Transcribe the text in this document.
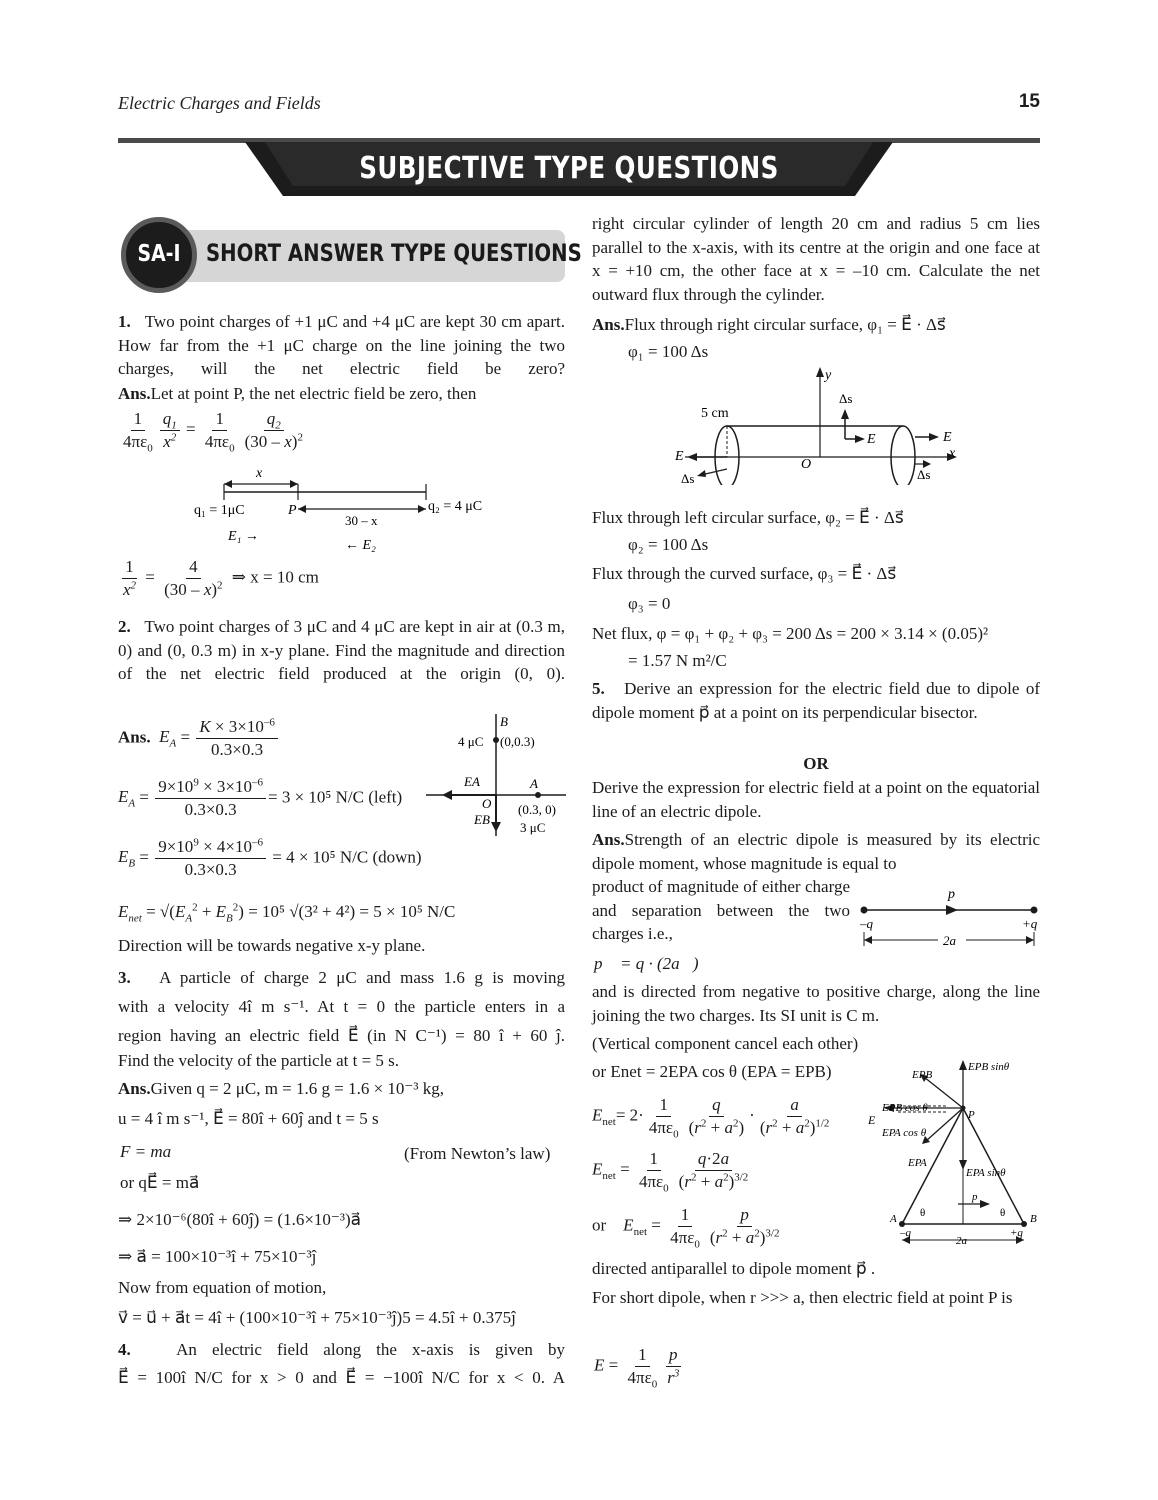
Electric Charges and Fields	15
SUBJECTIVE TYPE QUESTIONS
SHORT ANSWER TYPE QUESTIONS
SA-I
1. Two point charges of +1 μC and +4 μC are kept 30 cm apart. How far from the +1 μC charge on the line joining the two charges, will the net electric field be zero?
Ans.Let at point P, the net electric field be zero, then
$\frac{1}{4\pi\varepsilon_0} \frac{q_1}{x^2} = \frac{1}{4\pi\varepsilon_0} \frac{q_2}{(30 - x)^2}$
x
q₁ = 1μC	P
30 – x
q₂ = 4 μC
E₁ →
← E₂
$\frac{1}{x^2} = \frac{4}{(30 - x)^2}$ ⇒ x = 10 cm
2. Two point charges of 3 μC and 4 μC are kept in air at (0.3 m, 0) and (0, 0.3 m) in x-y plane. Find the magnitude and direction of the net electric field produced at the origin (0, 0).
Ans. $E_A = \frac{K \times 3\times 10^{-6}}{0.3\times 0.3}$
$E_A = \frac{9\times 10^9 \times 3\times 10^{-6}}{0.3\times 0.3} = 3 \times 10^5$ N/C (left)
$E_B = \frac{9\times 10^9 \times 4\times 10^{-6}}{0.3\times 0.3} = 4 \times 10^5$ N/C (down)
$E_{net} = √(E_A^2 + E_B^2) = 10^5$ √(3² + 4²) = 5 × 10⁵ N/C
Direction will be towards negative x-y plane.
B
4 μC (0,0.3)
EA	A
O
EB
(0.3, 0)
3 μC
3. A particle of charge 2 μC and mass 1.6 g is moving
with a velocity 4î m s⁻¹. At t = 0 the particle enters in a
region having an electric field E⃗ (in N C⁻¹) = 80 î + 60 ĵ.
Find the velocity of the particle at t = 5 s.
Ans.Given q = 2 μC, m = 1.6 g = 1.6 × 10⁻³ kg,
u = 4 î m s⁻¹, E⃗ = 80î + 60ĵ and t = 5 s
F = ma⃗	(From Newton’s law)
or qE⃗ = ma⃗
⇒ 2×10⁻⁶(80î + 60ĵ) = (1.6×10⁻³)a⃗
⇒ a⃗ = 100×10⁻³î + 75×10⁻³ĵ
Now from equation of motion,
v⃗ = u⃗ + a⃗t = 4î + (100×10⁻³î + 75×10⁻³ĵ)5 = 4.5î + 0.375ĵ
4.	An electric field along the x-axis is given by
E⃗ = 100î N/C for x > 0 and E⃗ = −100î N/C for x < 0. A
right circular cylinder of length 20 cm and radius 5 cm lies parallel to the x-axis, with its centre at the origin and one face at x = +10 cm, the other face at x = –10 cm. Calculate the net outward flux through the cylinder.
Ans.Flux through right circular surface, φ₁ = E⃗ · Δs⃗
φ₁ = 100 Δs
y
Δs
5 cm
E	E
E
O
x
Δs	Δs
Flux through left circular surface, φ₂ = E⃗ · Δs⃗
φ₂ = 100 Δs
Flux through the curved surface, φ₃ = E⃗ · Δs⃗
φ₃ = 0
Net flux, φ = φ₁ + φ₂ + φ₃ = 200 Δs = 200 × 3.14 × (0.05)²
= 1.57 N m²/C
5. Derive an expression for the electric field due to dipole of dipole moment p⃗ at a point on its perpendicular bisector.
OR
Derive the expression for electric field at a point on the equatorial line of an electric dipole.
Ans.Strength of an electric dipole is measured by its electric dipole moment, whose magnitude is equal to
product of magnitude of either charge and separation between the two charges i.e.,
p⃗
–q	+q
2a
p⃗ = q · (2a⃗)
and is directed from negative to positive charge, along the line joining the two charges. Its SI unit is C m.
(Vertical component cancel each other)
or Enet = 2EPA cos θ (EPA = EPB)
$E_{net}= 2\cdot \frac{1}{4\pi\varepsilon_0} \frac{q}{(r^2 + a^2)} \cdot \frac{a}{(r^2 + a^2)^{1/2}}$
$E_{net} = \frac{1}{4\pi\varepsilon_0} \frac{q\cdot 2a}{(r^2 + a^2)^{3/2}}$
or $E_{net} = \frac{1}{4\pi\varepsilon_0} \frac{p}{(r^2 + a^2)^{3/2}}$
EPB
EPB sinθ
EPB cos θ
EPA cos θ
E	P
EPA
EPA sinθ
A	B
–q	+q
p⃗
θ	θ
2a
directed antiparallel to dipole moment p⃗ .
For short dipole, when r >>> a, then electric field at point P is
$E = \frac{1}{4\pi\varepsilon_0} \frac{p}{r^3}$
